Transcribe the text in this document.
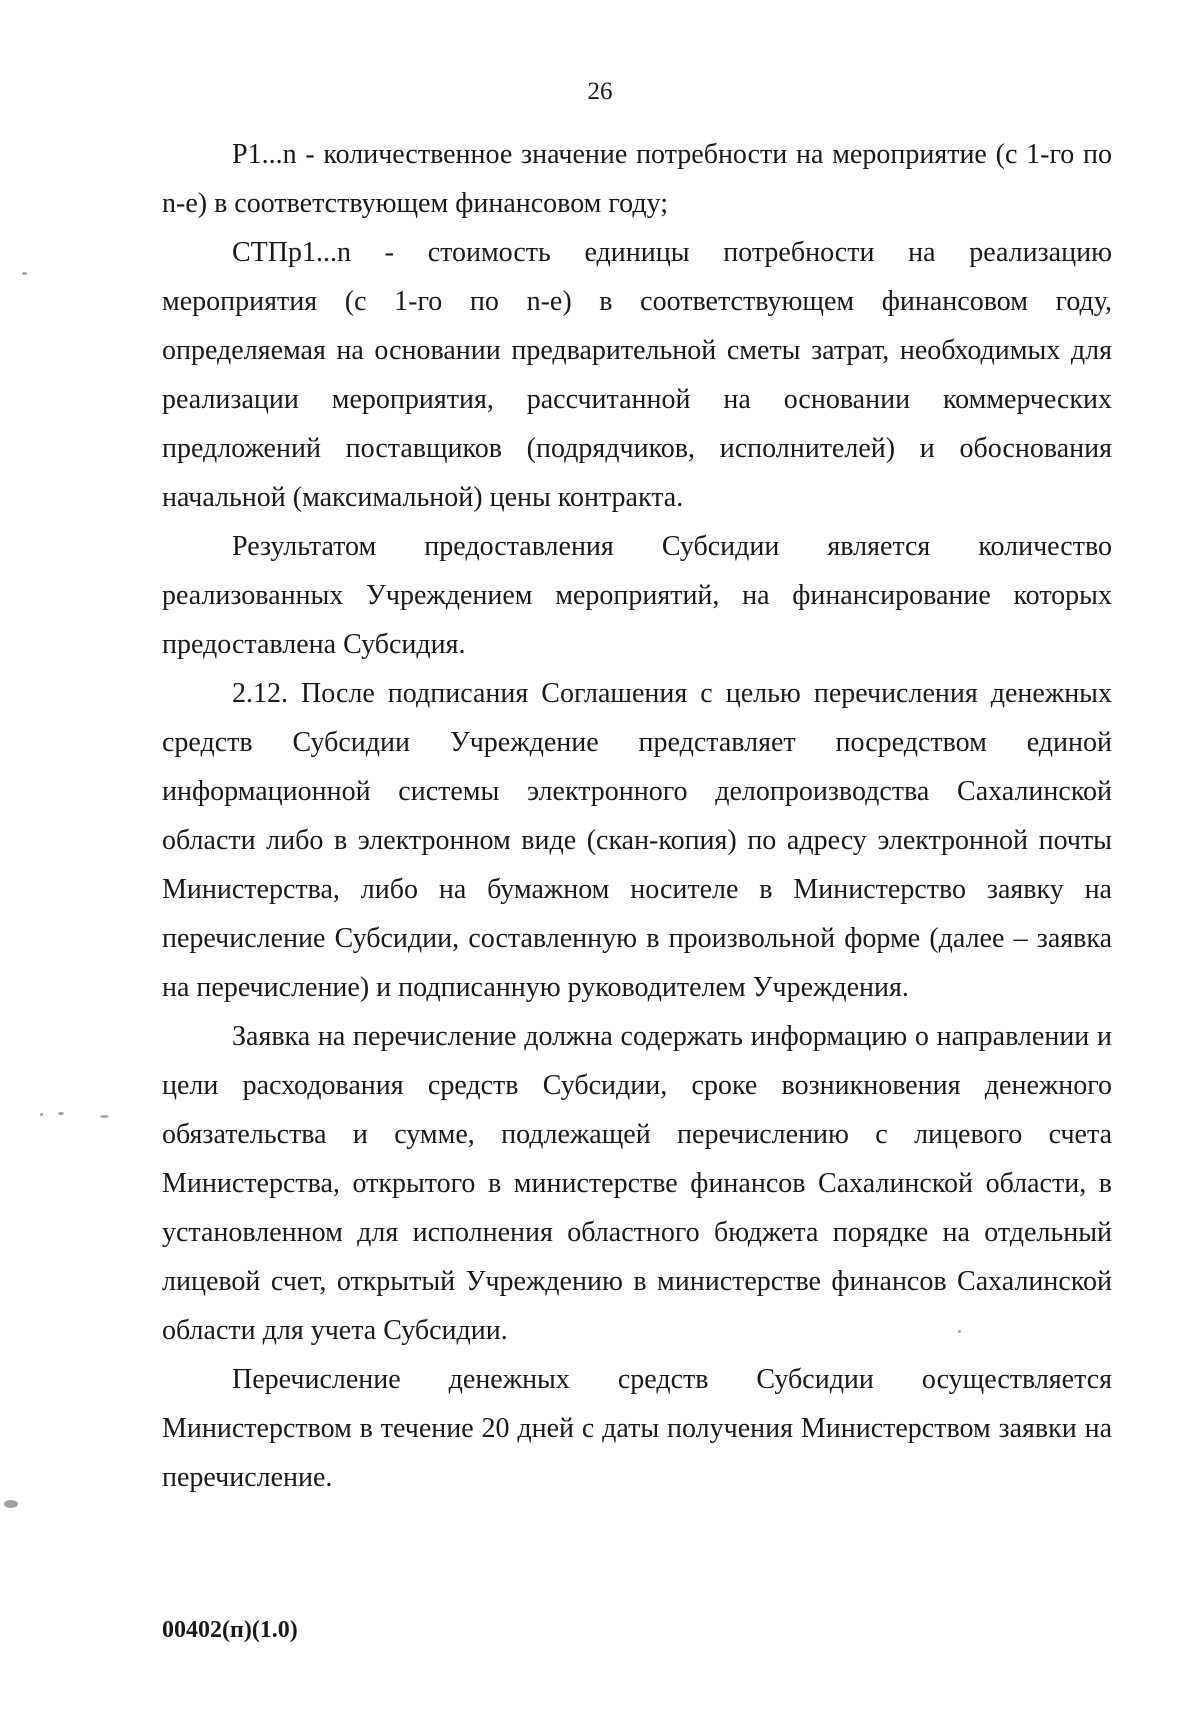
26

P1...n - количественное значение потребности на мероприятие (с 1-го по n-е) в соответствующем финансовом году;

СТПр1...n - стоимость единицы потребности на реализацию мероприятия (с 1-го по n-е) в соответствующем финансовом году, определяемая на основании предварительной сметы затрат, необходимых для реализации мероприятия, рассчитанной на основании коммерческих предложений поставщиков (подрядчиков, исполнителей) и обоснования начальной (максимальной) цены контракта.

Результатом предоставления Субсидии является количество реализованных Учреждением мероприятий, на финансирование которых предоставлена Субсидия.

2.12. После подписания Соглашения с целью перечисления денежных средств Субсидии Учреждение представляет посредством единой информационной системы электронного делопроизводства Сахалинской области либо в электронном виде (скан-копия) по адресу электронной почты Министерства, либо на бумажном носителе в Министерство заявку на перечисление Субсидии, составленную в произвольной форме (далее – заявка на перечисление) и подписанную руководителем Учреждения.

Заявка на перечисление должна содержать информацию о направлении и цели расходования средств Субсидии, сроке возникновения денежного обязательства и сумме, подлежащей перечислению с лицевого счета Министерства, открытого в министерстве финансов Сахалинской области, в установленном для исполнения областного бюджета порядке на отдельный лицевой счет, открытый Учреждению в министерстве финансов Сахалинской области для учета Субсидии.

Перечисление денежных средств Субсидии осуществляется Министерством в течение 20 дней с даты получения Министерством заявки на перечисление.

00402(п)(1.0)
